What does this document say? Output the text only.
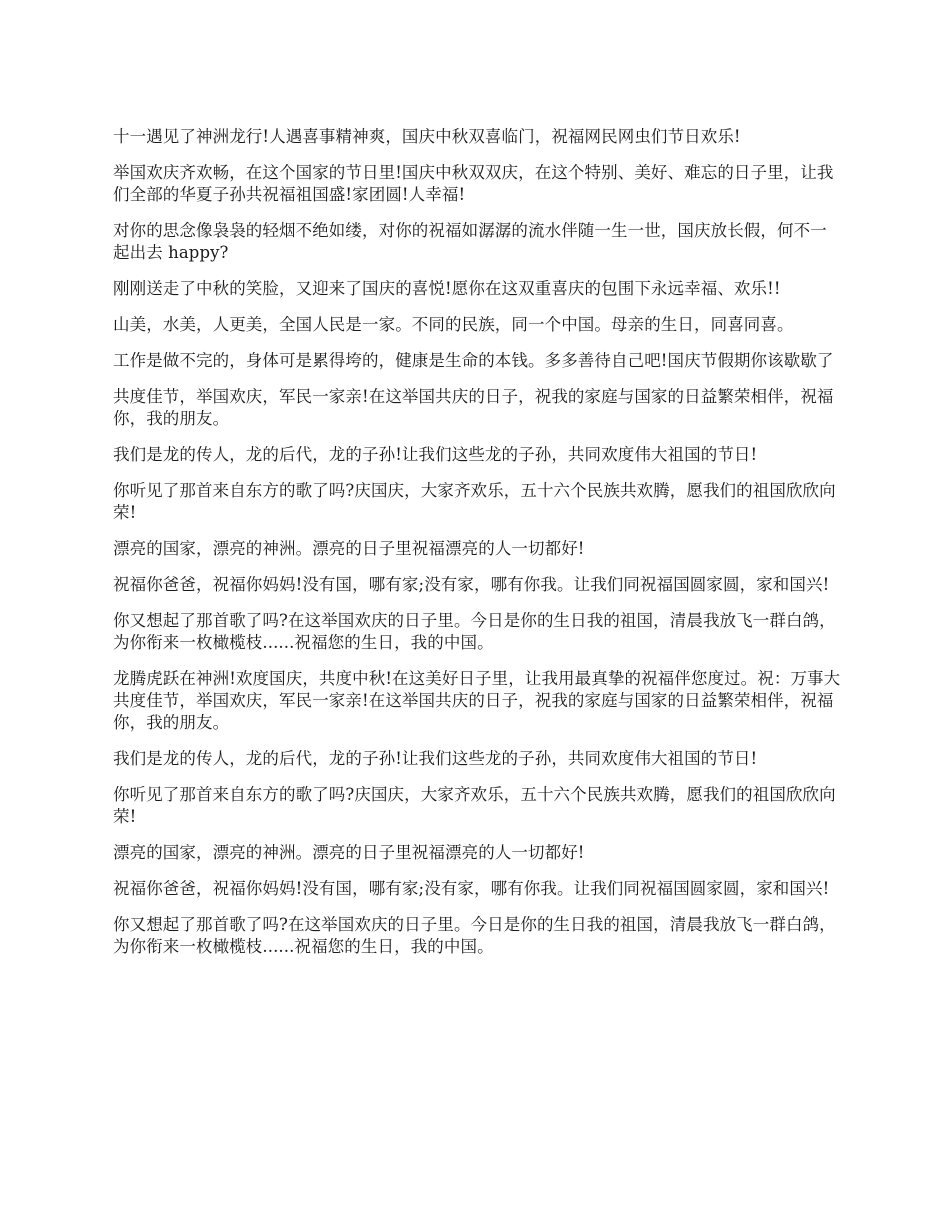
十一遇见了神洲龙行!人遇喜事精神爽，国庆中秋双喜临门，祝福网民网虫们节日欢乐!

举国欢庆齐欢畅，在这个国家的节日里!国庆中秋双双庆，在这个特别、美好、难忘的日子里，让我们全部的华夏子孙共祝福祖国盛!家团圆!人幸福!

对你的思念像袅袅的轻烟不绝如缕，对你的祝福如潺潺的流水伴随一生一世，国庆放长假，何不一起出去 happy?

刚刚送走了中秋的笑脸，又迎来了国庆的喜悦!愿你在这双重喜庆的包围下永远幸福、欢乐!!

山美，水美，人更美，全国人民是一家。不同的民族，同一个中国。母亲的生日，同喜同喜。

工作是做不完的，身体可是累得垮的，健康是生命的本钱。多多善待自己吧!国庆节假期你该歇歇了

共度佳节，举国欢庆，军民一家亲!在这举国共庆的日子，祝我的家庭与国家的日益繁荣相伴，祝福你，我的朋友。

我们是龙的传人，龙的后代，龙的子孙!让我们这些龙的子孙，共同欢度伟大祖国的节日!

你听见了那首来自东方的歌了吗?庆国庆，大家齐欢乐，五十六个民族共欢腾，愿我们的祖国欣欣向荣!

漂亮的国家，漂亮的神洲。漂亮的日子里祝福漂亮的人一切都好!

祝福你爸爸，祝福你妈妈!没有国，哪有家;没有家，哪有你我。让我们同祝福国圆家圆，家和国兴!

你又想起了那首歌了吗?在这举国欢庆的日子里。今日是你的生日我的祖国，清晨我放飞一群白鸽，为你衔来一枚橄榄枝......祝福您的生日，我的中国。

龙腾虎跃在神洲!欢度国庆，共度中秋!在这美好日子里，让我用最真挚的祝福伴您度过。祝：万事大共度佳节，举国欢庆，军民一家亲!在这举国共庆的日子，祝我的家庭与国家的日益繁荣相伴，祝福你，我的朋友。

我们是龙的传人，龙的后代，龙的子孙!让我们这些龙的子孙，共同欢度伟大祖国的节日!

你听见了那首来自东方的歌了吗?庆国庆，大家齐欢乐，五十六个民族共欢腾，愿我们的祖国欣欣向荣!

漂亮的国家，漂亮的神洲。漂亮的日子里祝福漂亮的人一切都好!

祝福你爸爸，祝福你妈妈!没有国，哪有家;没有家，哪有你我。让我们同祝福国圆家圆，家和国兴!

你又想起了那首歌了吗?在这举国欢庆的日子里。今日是你的生日我的祖国，清晨我放飞一群白鸽，为你衔来一枚橄榄枝......祝福您的生日，我的中国。
